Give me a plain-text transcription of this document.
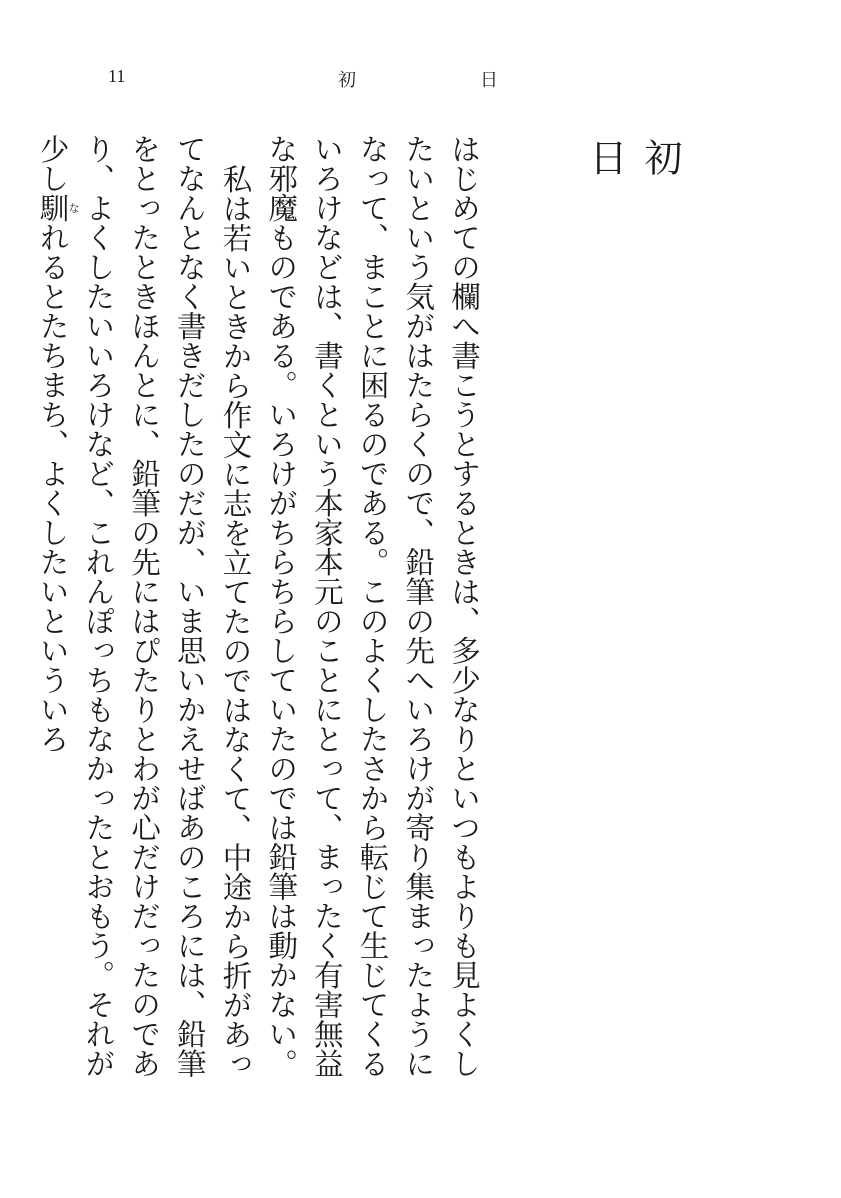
11	初	日
初日

はじめての欄へ書こうとするときは、多少なりといつもよりも見よくしたいという気がはたらくので、鉛筆の先へいろけが寄り集まったようになって、まことに困るのである。このよくしたさから転じて生じてくるいろけなどは、書くという本家本元のことにとって、まったく有害無益な邪魔ものである。いろけがちらちらしていたのでは鉛筆は動かない。

私は若いときから作文に志を立てたのではなくて、中途から折があってなんとなく書きだしたのだが、いま思いかえせばあのころには、鉛筆をとったときほんとに、鉛筆の先にはぴたりとわが心だけだったのであり、よくしたいいろけなど、これんぽっちもなかったとおもう。それが少し馴なれるとたちまち、よくしたいといういろ
